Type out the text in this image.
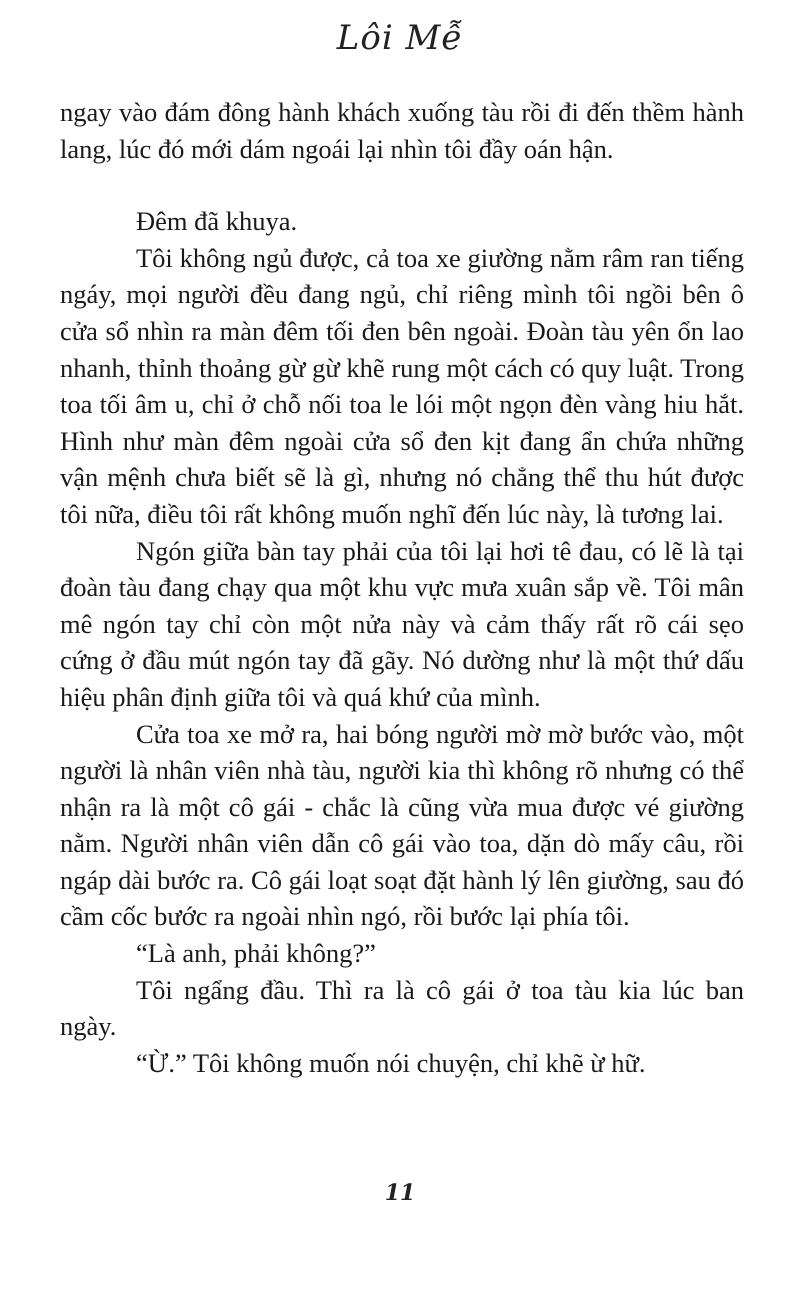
Lôi Mễ

ngay vào đám đông hành khách xuống tàu rồi đi đến thềm hành lang, lúc đó mới dám ngoái lại nhìn tôi đầy oán hận.

Đêm đã khuya.

Tôi không ngủ được, cả toa xe giường nằm râm ran tiếng ngáy, mọi người đều đang ngủ, chỉ riêng mình tôi ngồi bên ô cửa sổ nhìn ra màn đêm tối đen bên ngoài. Đoàn tàu yên ổn lao nhanh, thỉnh thoảng gừ gừ khẽ rung một cách có quy luật. Trong toa tối âm u, chỉ ở chỗ nối toa le lói một ngọn đèn vàng hiu hắt. Hình như màn đêm ngoài cửa sổ đen kịt đang ẩn chứa những vận mệnh chưa biết sẽ là gì, nhưng nó chẳng thể thu hút được tôi nữa, điều tôi rất không muốn nghĩ đến lúc này, là tương lai.

Ngón giữa bàn tay phải của tôi lại hơi tê đau, có lẽ là tại đoàn tàu đang chạy qua một khu vực mưa xuân sắp về. Tôi mân mê ngón tay chỉ còn một nửa này và cảm thấy rất rõ cái sẹo cứng ở đầu mút ngón tay đã gãy. Nó dường như là một thứ dấu hiệu phân định giữa tôi và quá khứ của mình.

Cửa toa xe mở ra, hai bóng người mờ mờ bước vào, một người là nhân viên nhà tàu, người kia thì không rõ nhưng có thể nhận ra là một cô gái - chắc là cũng vừa mua được vé giường nằm. Người nhân viên dẫn cô gái vào toa, dặn dò mấy câu, rồi ngáp dài bước ra. Cô gái loạt soạt đặt hành lý lên giường, sau đó cầm cốc bước ra ngoài nhìn ngó, rồi bước lại phía tôi.

“Là anh, phải không?”

Tôi ngẩng đầu. Thì ra là cô gái ở toa tàu kia lúc ban ngày.

“Ừ.” Tôi không muốn nói chuyện, chỉ khẽ ừ hữ.

11
